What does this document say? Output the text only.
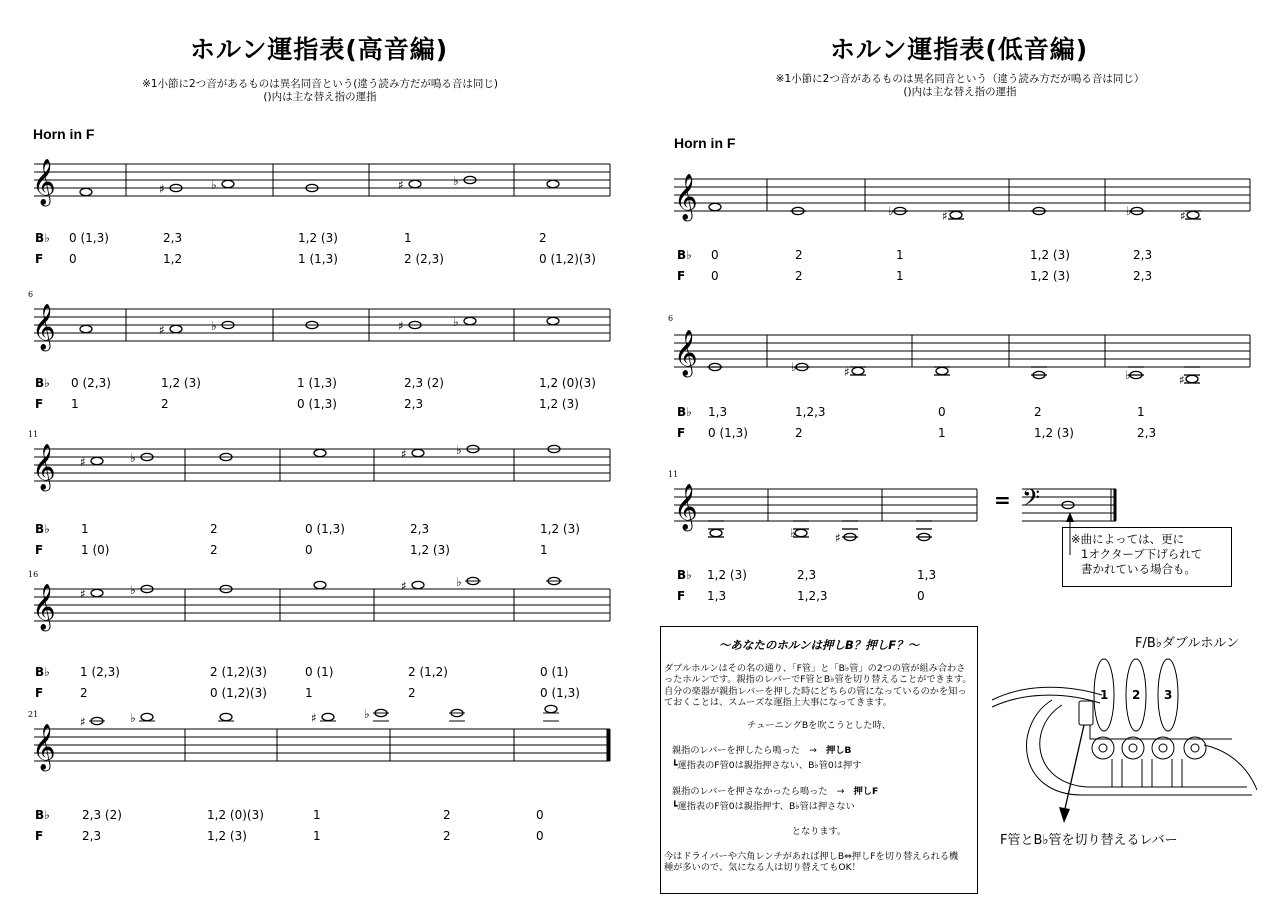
ホルン運指表(高音編)
※1小節に2つ音があるものは異名同音という(違う読み方だが鳴る音は同じ)
()内は主な替え指の運指
Horn in F
𝄞	♯	♭	♯	♭
B♭ 0 (1,3)	2,3	1,2 (3)	1	2
F 0	1,2	1 (1,3)	2 (2,3)	0 (1,2)(3)
6
𝄞	♯	♭	♯	♭
B♭ 0 (2,3)	1,2 (3)	1 (1,3)	2,3 (2)	1,2 (0)(3)
F 1	2	0 (1,3)	2,3	1,2 (3)
11
𝄞 ♯	♭	♯	♭
B♭	1	2	0 (1,3)	2,3	1,2 (3)
F	1 (0)	2	0	1,2 (3)	1
16
𝄞 ♯	♭	♯	♭
B♭	1 (2,3)	2 (1,2)(3)	0 (1)	2 (1,2)	0 (1)
F	2	0 (1,2)(3)	1	2	0 (1,3)
21
𝄞
♯	♭	♯	♭
B♭	2,3 (2)	1,2 (0)(3)	1	2	0
F	2,3	1,2 (3)	1	2	0
ホルン運指表(低音編)
※1小節に2つ音があるものは異名同音という（違う読み方だが鳴る音は同じ）
()内は主な替え指の運指
Horn in F
𝄞	♭	♯	♭	♯
B♭ 0	2	1	1,2 (3)	2,3
F 0	2	1	1,2 (3)	2,3
B♭ 1,3	1,2,3	0	2	1
F 0 (1,3)	2	1	1,2 (3)	2,3
B♭ 1,2 (3)	2,3	1,3
F 1,3	1,2,3	0
6
𝄞	♭	♯	♭	♯
11
𝄞	𝄢
♭	♯
=
※曲によっては、更に
1オクターブ下げられて
書かれている場合も。
～あなたのホルンは押しB？押しF？～
ダブルホルンはその名の通り、「F管」と「B♭管」の2つの管が組み合わさ
ったホルンです。親指のレバーでF管とB♭管を切り替えることができます。
自分の楽器が親指レバーを押した時にどちらの管になっているのかを知っ
ておくことは、スムーズな運指上大事になってきます。
チューニングBを吹こうとした時、
親指のレバーを押したら鳴った　→　押しB
┗運指表のF管0は親指押さない、B♭管0は押す
親指のレバーを押さなかったら鳴った　→　押しF
┗運指表のF管0は親指押す、B♭管は押さない
となります。
今はドライバーや六角レンチがあれば押しB⇔押しFを切り替えられる機
種が多いので、気になる人は切り替えてもOK！
F/B♭ダブルホルン
1 2 3
F管とB♭管を切り替えるレバー
